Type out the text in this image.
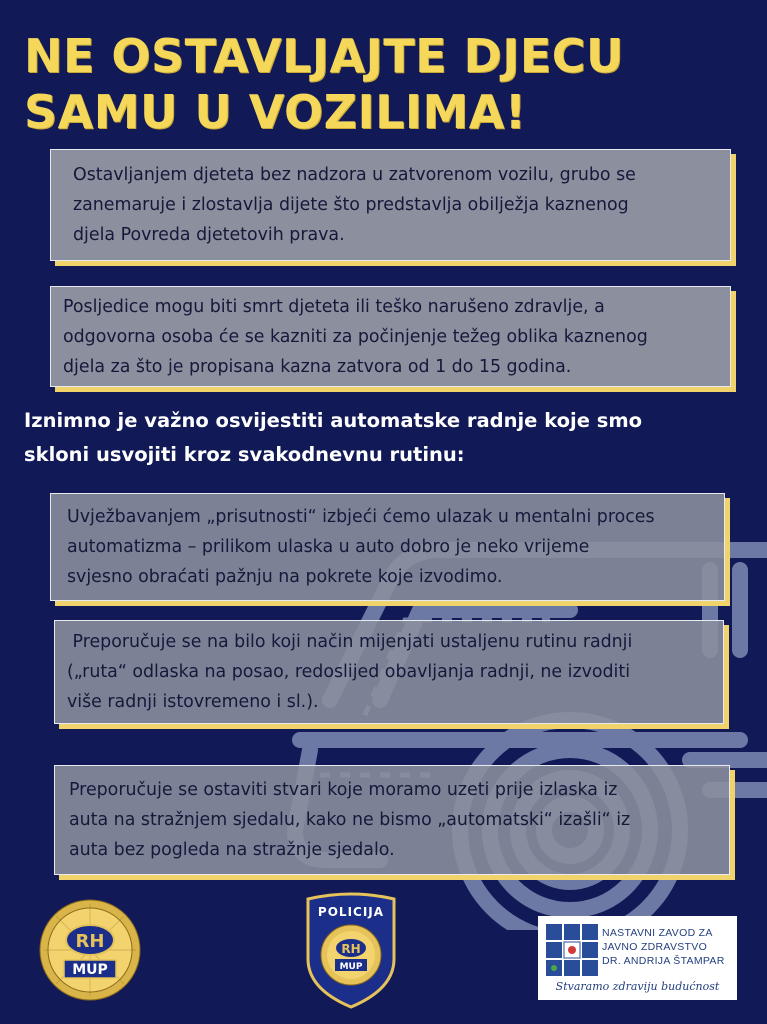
NE OSTAVLJAJTE DJECU
SAMU U VOZILIMA!

Ostavljanjem djeteta bez nadzora u zatvorenom vozilu, grubo se
zanemaruje i zlostavlja dijete što predstavlja obilježja kaznenog
djela Povreda djetetovih prava.

Posljedice mogu biti smrt djeteta ili teško narušeno zdravlje, a
odgovorna osoba će se kazniti za počinjenje težeg oblika kaznenog
djela za što je propisana kazna zatvora od 1 do 15 godina.

Iznimno je važno osvijestiti automatske radnje koje smo
skloni usvojiti kroz svakodnevnu rutinu:

Uvježbavanjem „prisutnosti“ izbjeći ćemo ulazak u mentalni proces
automatizma – prilikom ulaska u auto dobro je neko vrijeme
svjesno obraćati pažnju na pokrete koje izvodimo.

Preporučuje se na bilo koji način mijenjati ustaljenu rutinu radnji
(„ruta“ odlaska na posao, redoslijed obavljanja radnji, ne izvoditi
više radnji istovremeno i sl.).

Preporučuje se ostaviti stvari koje moramo uzeti prije izlaska iz
auta na stražnjem sjedalu, kako ne bismo „automatski“ izašli“ iz
auta bez pogleda na stražnje sjedalo.

RH
MUP
POLICIJA
RH
MUP
NASTAVNI ZAVOD ZA
JAVNO ZDRAVSTVO
DR. ANDRIJA ŠTAMPAR
Stvaramo zdraviju budućnost
